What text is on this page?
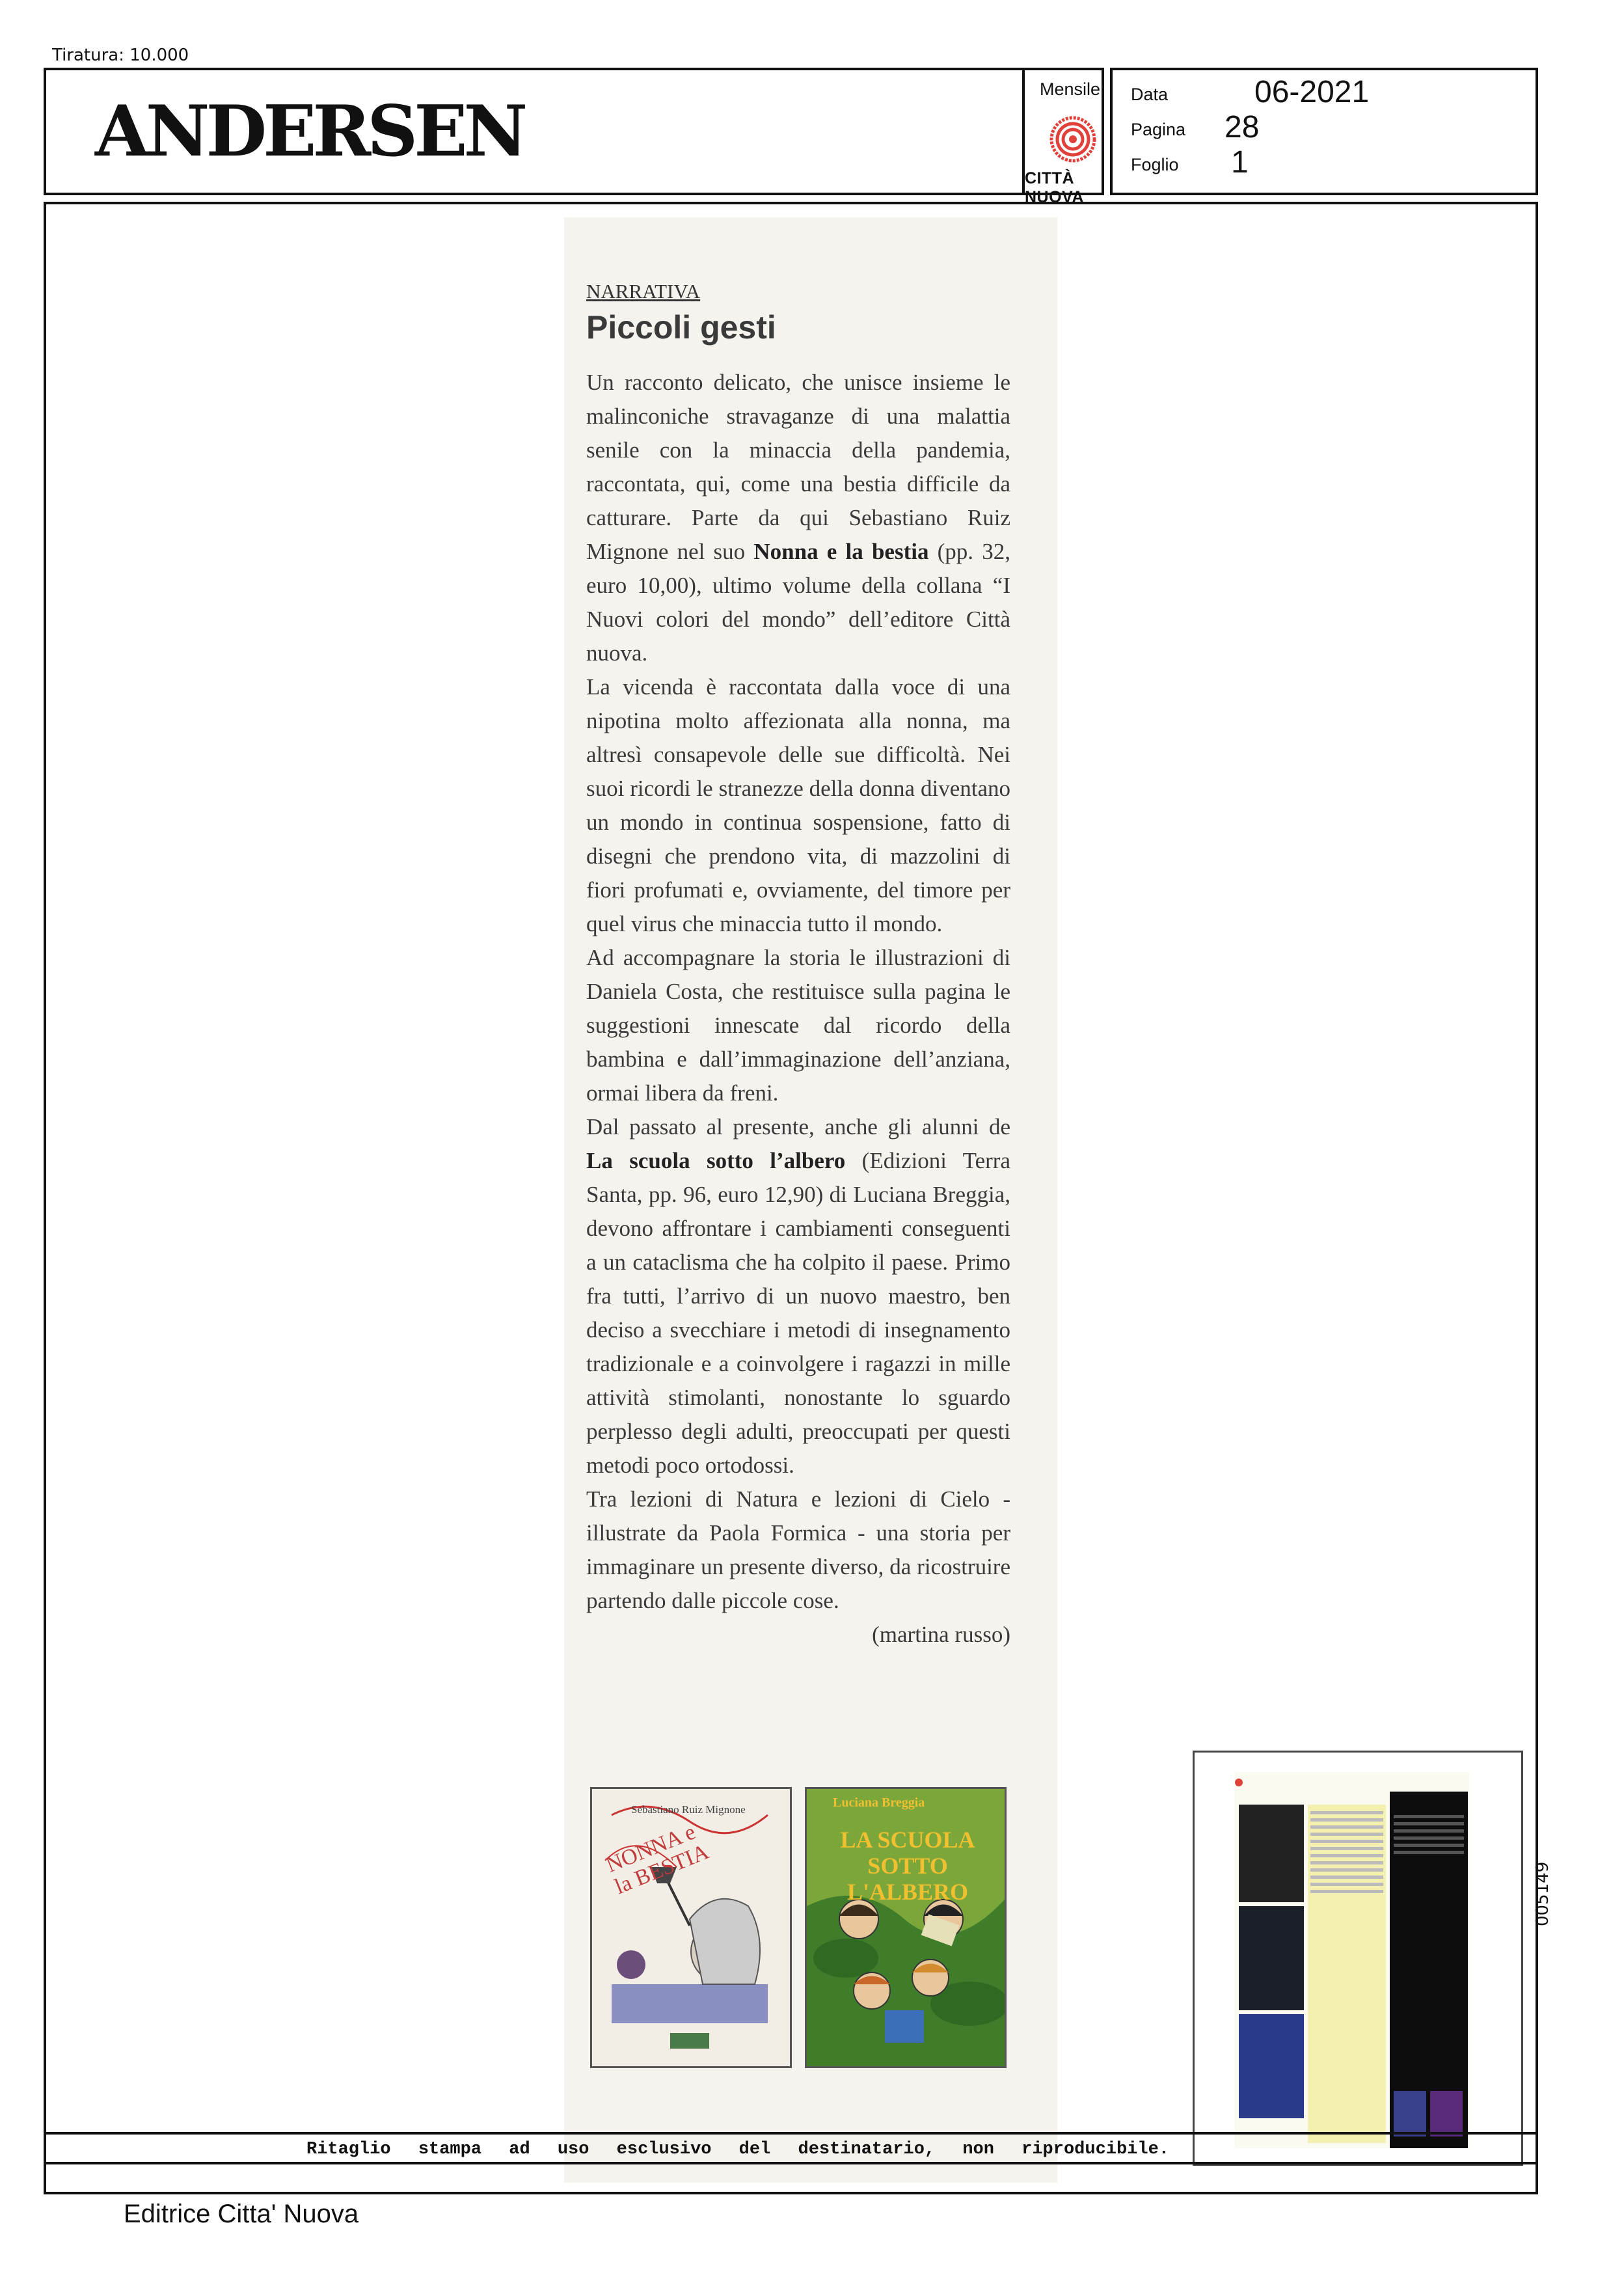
Tiratura: 10.000
ANDERSEN
Mensile
CITTÀ NUOVA
Data	06-2021
Pagina 28
Foglio 1
NARRATIVA
Piccoli gesti

Un racconto delicato, che unisce insieme le malinconiche stravaganze di una malattia senile con la minaccia della pandemia, raccontata, qui, come una bestia difficile da catturare. Parte da qui Sebastiano Ruiz Mignone nel suo Nonna e la bestia (pp. 32, euro 10,00), ultimo volume della collana “I Nuovi colori del mondo” dell’editore Città nuova.

La vicenda è raccontata dalla voce di una nipotina molto affezionata alla nonna, ma altresì consapevole delle sue difficoltà. Nei suoi ricordi le stranezze della donna diventano un mondo in continua sospensione, fatto di disegni che prendono vita, di mazzolini di fiori profumati e, ovviamente, del timore per quel virus che minaccia tutto il mondo.

Ad accompagnare la storia le illustrazioni di Daniela Costa, che restituisce sulla pagina le suggestioni innescate dal ricordo della bambina e dall’immaginazione dell’anziana, ormai libera da freni.

Dal passato al presente, anche gli alunni de La scuola sotto l’albero (Edizioni Terra Santa, pp. 96, euro 12,90) di Luciana Breggia, devono affrontare i cambiamenti conseguenti a un cataclisma che ha colpito il paese. Primo fra tutti, l’arrivo di un nuovo maestro, ben deciso a svecchiare i metodi di insegnamento tradizionale e a coinvolgere i ragazzi in mille attività stimolanti, nonostante lo sguardo perplesso degli adulti, preoccupati per questi metodi poco ortodossi.

Tra lezioni di Natura e lezioni di Cielo - illustrate da Paola Formica - una storia per immaginare un presente diverso, da ricostruire partendo dalle piccole cose.

(martina russo)

Sebastiano Ruiz Mignone
NONNA e la BESTIA
Luciana Breggia
LA SCUOLA SOTTO L'ALBERO	005149
Ritaglio stampa ad uso esclusivo del destinatario, non riproducibile.
Editrice Citta' Nuova
